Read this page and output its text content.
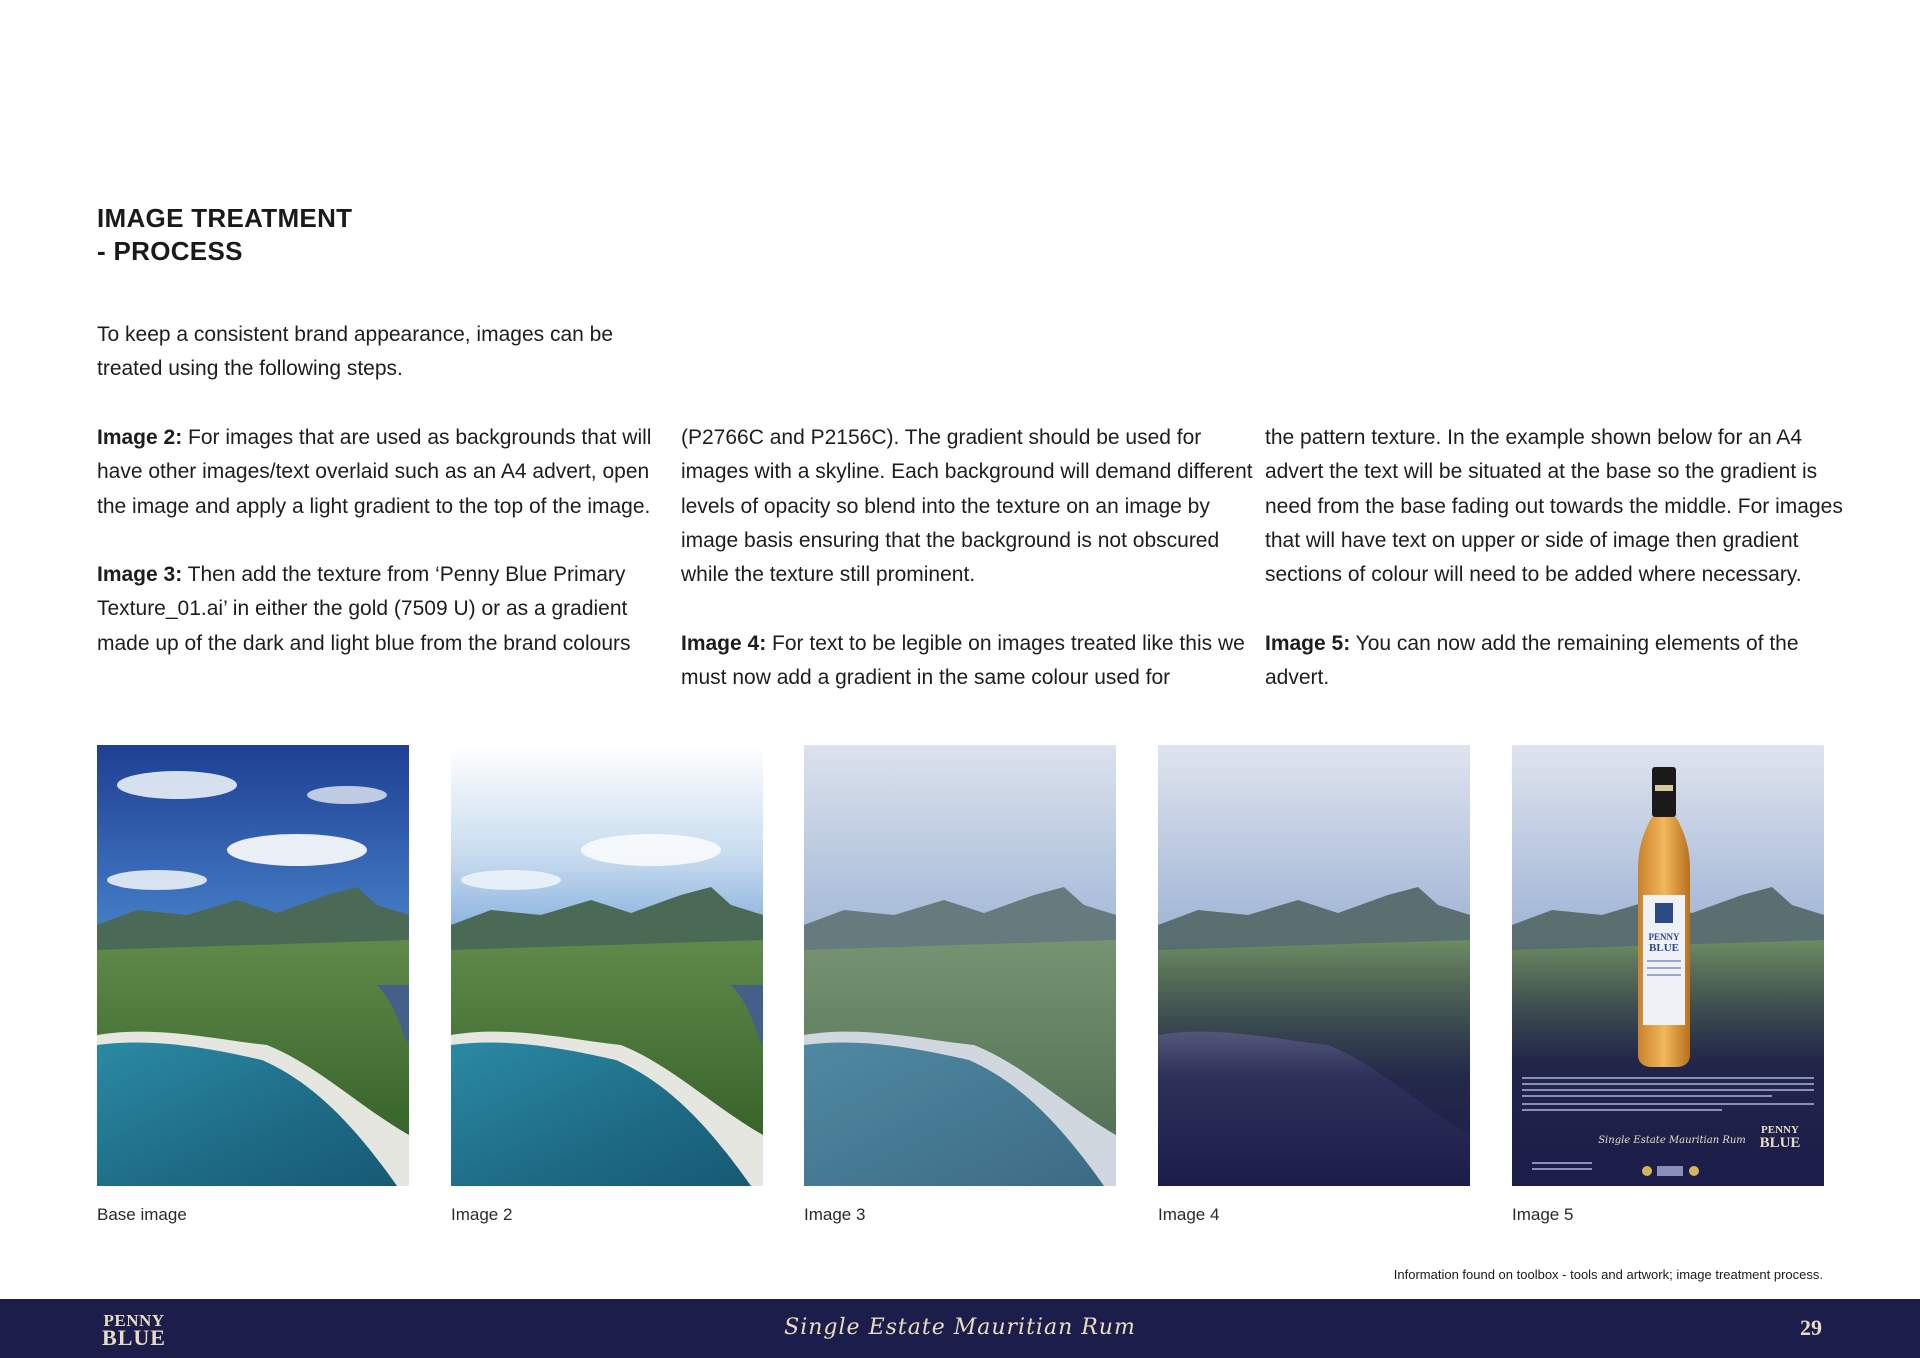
IMAGE TREATMENT
- PROCESS

To keep a consistent brand appearance, images can be treated using the following steps.

Image 2: For images that are used as backgrounds that will have other images/text overlaid such as an A4 advert, open the image and apply a light gradient to the top of the image.

Image 3: Then add the texture from ‘Penny Blue Primary Texture_01.ai’ in either the gold (7509 U) or as a gradient made up of the dark and light blue from the brand colours

(P2766C and P2156C). The gradient should be used for images with a skyline. Each background will demand different levels of opacity so blend into the texture on an image by image basis ensuring that the background is not obscured while the texture still prominent.

Image 4: For text to be legible on images treated like this we must now add a gradient in the same colour used for

the pattern texture. In the example shown below for an A4 advert the text will be situated at the base so the gradient is need from the base fading out towards the middle. For images that will have text on upper or side of image then gradient sections of colour will need to be added where necessary.

Image 5: You can now add the remaining elements of the advert.

PENNY
BLUE
Single Estate Mauritian Rum
PENNY
BLUE
Base image	Image 2	Image 3	Image 4	Image 5
Information found on toolbox - tools and artwork; image treatment process.
PENNY
BLUE	Single Estate Mauritian Rum	29
